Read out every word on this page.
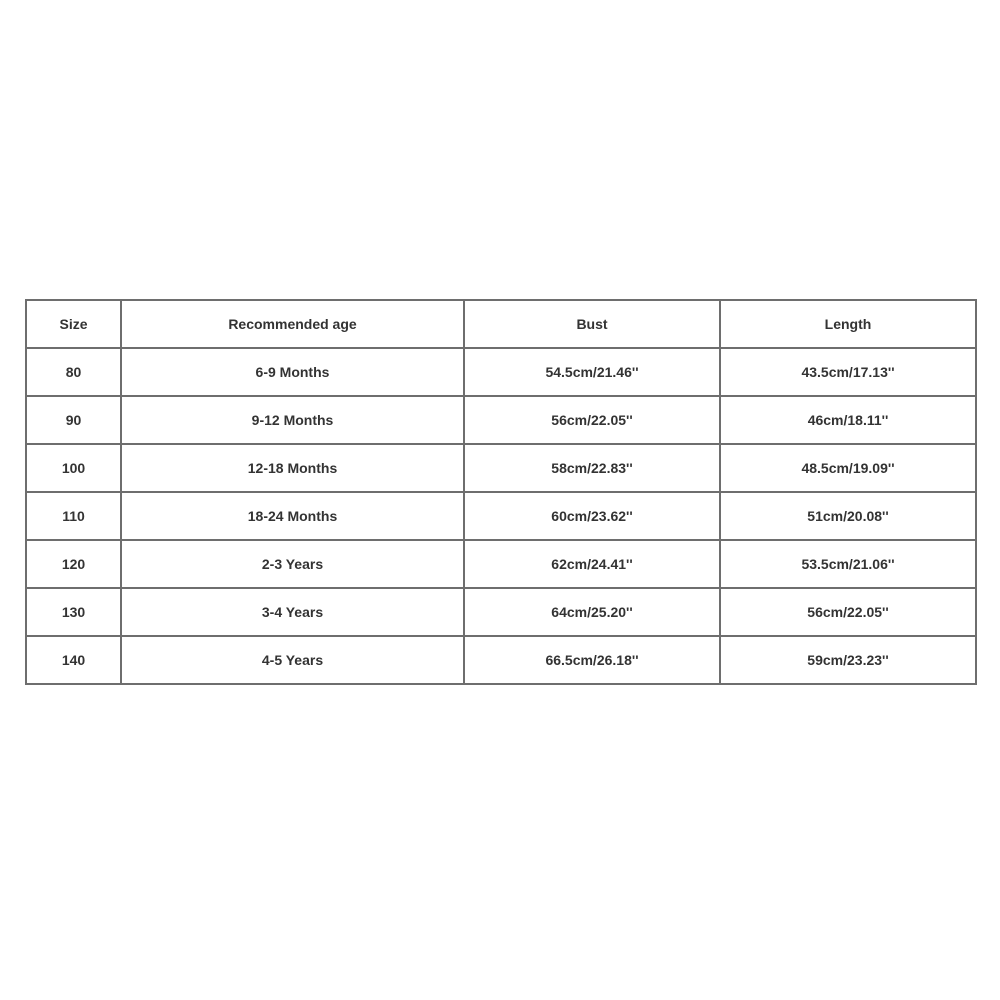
Size	Recommended age	Bust	Length
80	6-9 Months	54.5cm/21.46''	43.5cm/17.13''
90	9-12 Months	56cm/22.05''	46cm/18.11''
100	12-18 Months	58cm/22.83''	48.5cm/19.09''
110	18-24 Months	60cm/23.62''	51cm/20.08''
120	2-3 Years	62cm/24.41''	53.5cm/21.06''
130	3-4 Years	64cm/25.20''	56cm/22.05''
140	4-5 Years	66.5cm/26.18''	59cm/23.23''
